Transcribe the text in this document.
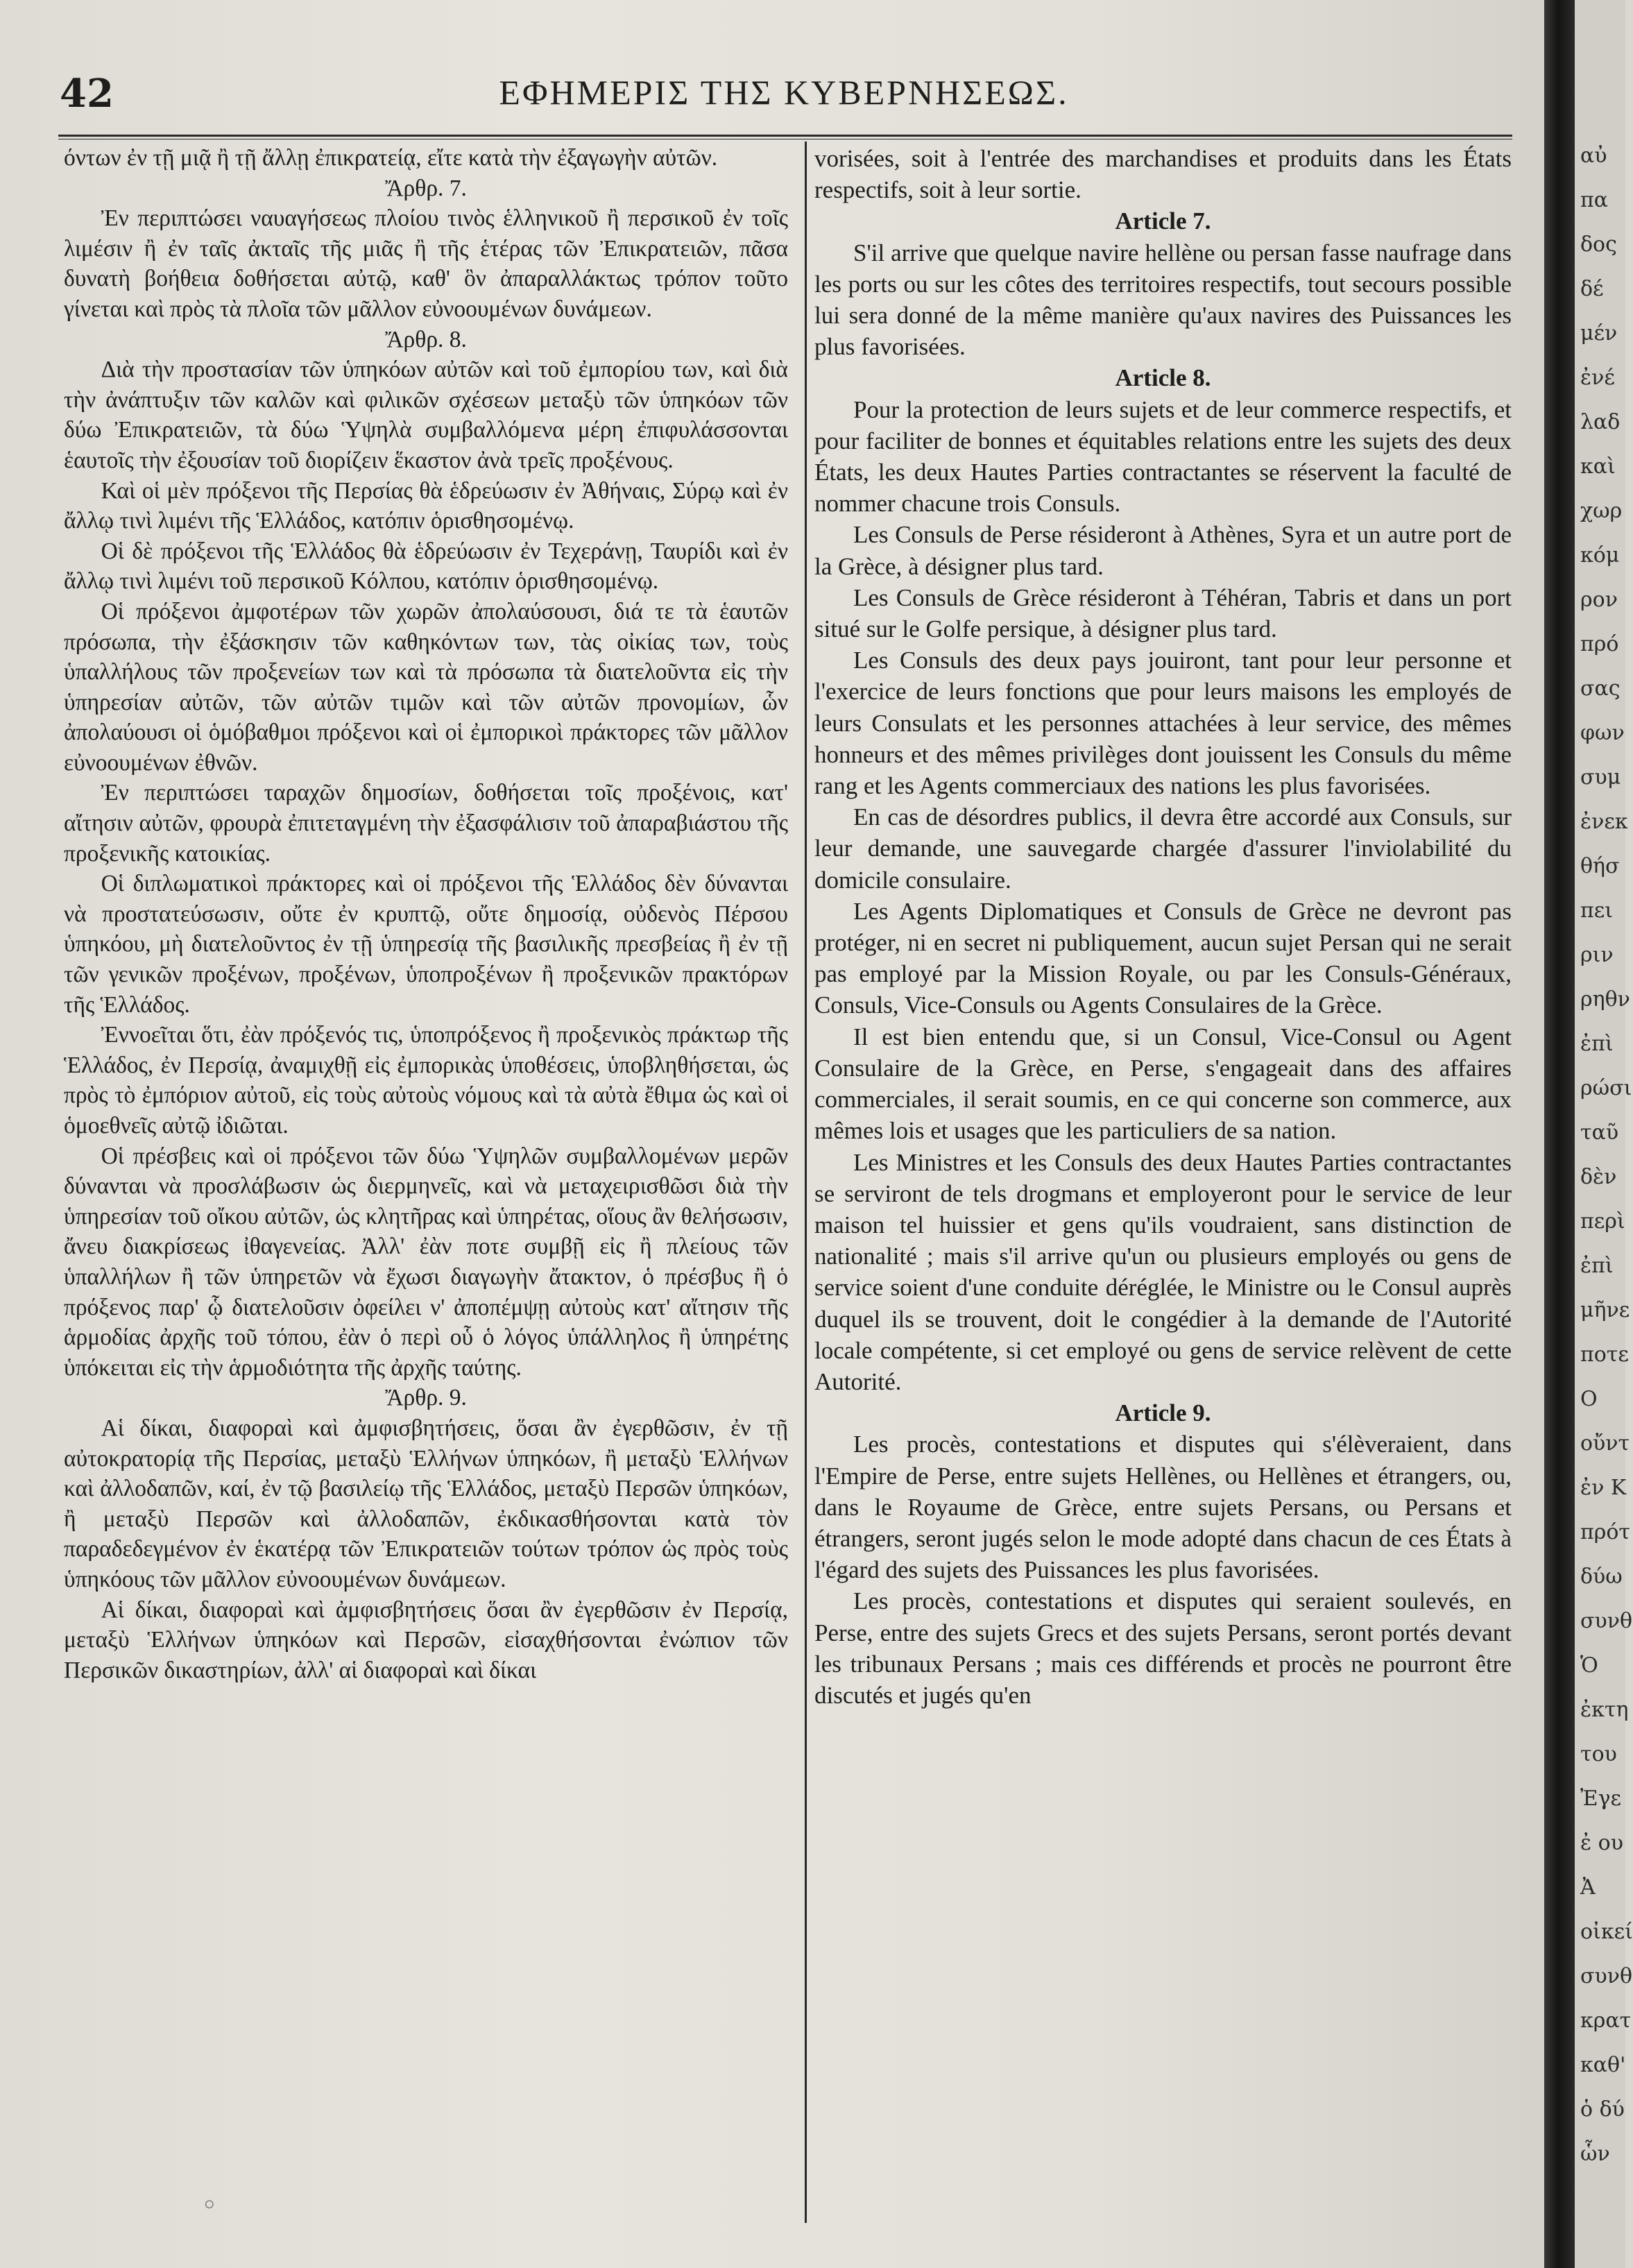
42	ΕΦΗΜΕΡΙΣ ΤΗΣ ΚΥΒΕΡΝΗΣΕΩΣ.

όντων ἐν τῇ μιᾷ ἢ τῇ ἄλλῃ ἐπικρατείᾳ, εἴτε κατὰ τὴν ἐξαγωγὴν αὐτῶν.

Ἄρθρ. 7.

Ἐν περιπτώσει ναυαγήσεως πλοίου τινὸς ἑλληνικοῦ ἢ περσικοῦ ἐν τοῖς λιμέσιν ἢ ἐν ταῖς ἀκταῖς τῆς μιᾶς ἢ τῆς ἑτέρας τῶν Ἐπικρατειῶν, πᾶσα δυνατὴ βοήθεια δοθήσεται αὐτῷ, καθ' ὃν ἀπαραλλάκτως τρόπον τοῦτο γίνεται καὶ πρὸς τὰ πλοῖα τῶν μᾶλλον εὐνοουμένων δυνάμεων.

Ἄρθρ. 8.

Διὰ τὴν προστασίαν τῶν ὑπηκόων αὐτῶν καὶ τοῦ ἐμπορίου των, καὶ διὰ τὴν ἀνάπτυξιν τῶν καλῶν καὶ φιλικῶν σχέσεων μεταξὺ τῶν ὑπηκόων τῶν δύω Ἐπικρατειῶν, τὰ δύω Ὑψηλὰ συμβαλλόμενα μέρη ἐπιφυλάσσονται ἑαυτοῖς τὴν ἐξουσίαν τοῦ διορίζειν ἕκαστον ἀνὰ τρεῖς προξένους.

Καὶ οἱ μὲν πρόξενοι τῆς Περσίας θὰ ἑδρεύωσιν ἐν Ἀθήναις, Σύρῳ καὶ ἐν ἄλλῳ τινὶ λιμένι τῆς Ἑλλάδος, κατόπιν ὁρισθησομένῳ.

Οἱ δὲ πρόξενοι τῆς Ἑλλάδος θὰ ἑδρεύωσιν ἐν Τεχεράνῃ, Ταυρίδι καὶ ἐν ἄλλῳ τινὶ λιμένι τοῦ περσικοῦ Κόλπου, κατόπιν ὁρισθησομένῳ.

Οἱ πρόξενοι ἀμφοτέρων τῶν χωρῶν ἀπολαύσουσι, διά τε τὰ ἑαυτῶν πρόσωπα, τὴν ἐξάσκησιν τῶν καθηκόντων των, τὰς οἰκίας των, τοὺς ὑπαλλήλους τῶν προξενείων των καὶ τὰ πρόσωπα τὰ διατελοῦντα εἰς τὴν ὑπηρεσίαν αὐτῶν, τῶν αὐτῶν τιμῶν καὶ τῶν αὐτῶν προνομίων, ὧν ἀπολαύουσι οἱ ὁμόβαθμοι πρόξενοι καὶ οἱ ἐμπορικοὶ πράκτορες τῶν μᾶλλον εὐνοουμένων ἐθνῶν.

Ἐν περιπτώσει ταραχῶν δημοσίων, δοθήσεται τοῖς προξένοις, κατ' αἴτησιν αὐτῶν, φρουρὰ ἐπιτεταγμένη τὴν ἐξασφάλισιν τοῦ ἀπαραβιάστου τῆς προξενικῆς κατοικίας.

Οἱ διπλωματικοὶ πράκτορες καὶ οἱ πρόξενοι τῆς Ἑλλάδος δὲν δύνανται νὰ προστατεύσωσιν, οὔτε ἐν κρυπτῷ, οὔτε δημοσίᾳ, οὐδενὸς Πέρσου ὑπηκόου, μὴ διατελοῦντος ἐν τῇ ὑπηρεσίᾳ τῆς βασιλικῆς πρεσβείας ἢ ἐν τῇ τῶν γενικῶν προξένων, προξένων, ὑποπροξένων ἢ προξενικῶν πρακτόρων τῆς Ἑλλάδος.

Ἐννοεῖται ὅτι, ἐὰν πρόξενός τις, ὑποπρόξενος ἢ προξενικὸς πράκτωρ τῆς Ἑλλάδος, ἐν Περσίᾳ, ἀναμιχθῇ εἰς ἐμπορικὰς ὑποθέσεις, ὑποβληθήσεται, ὡς πρὸς τὸ ἐμπόριον αὐτοῦ, εἰς τοὺς αὐτοὺς νόμους καὶ τὰ αὐτὰ ἔθιμα ὡς καὶ οἱ ὁμοεθνεῖς αὐτῷ ἰδιῶται.

Οἱ πρέσβεις καὶ οἱ πρόξενοι τῶν δύω Ὑψηλῶν συμβαλλομένων μερῶν δύνανται νὰ προσλάβωσιν ὡς διερμηνεῖς, καὶ νὰ μεταχειρισθῶσι διὰ τὴν ὑπηρεσίαν τοῦ οἴκου αὐτῶν, ὡς κλητῆρας καὶ ὑπηρέτας, οἵους ἂν θελήσωσιν, ἄνευ διακρίσεως ἰθαγενείας. Ἀλλ' ἐὰν ποτε συμβῇ εἰς ἢ πλείους τῶν ὑπαλλήλων ἢ τῶν ὑπηρετῶν νὰ ἔχωσι διαγωγὴν ἄτακτον, ὁ πρέσβυς ἢ ὁ πρόξενος παρ' ᾧ διατελοῦσιν ὀφείλει ν' ἀποπέμψῃ αὐτοὺς κατ' αἴτησιν τῆς ἁρμοδίας ἀρχῆς τοῦ τόπου, ἐὰν ὁ περὶ οὗ ὁ λόγος ὑπάλληλος ἢ ὑπηρέτης ὑπόκειται εἰς τὴν ἁρμοδιότητα τῆς ἀρχῆς ταύτης.

Ἄρθρ. 9.

Αἱ δίκαι, διαφοραὶ καὶ ἀμφισβητήσεις, ὅσαι ἂν ἐγερθῶσιν, ἐν τῇ αὐτοκρατορίᾳ τῆς Περσίας, μεταξὺ Ἑλλήνων ὑπηκόων, ἢ μεταξὺ Ἑλλήνων καὶ ἀλλοδαπῶν, καί, ἐν τῷ βασιλείῳ τῆς Ἑλλάδος, μεταξὺ Περσῶν ὑπηκόων, ἢ μεταξὺ Περσῶν καὶ ἀλλοδαπῶν, ἐκδικασθήσονται κατὰ τὸν παραδεδεγμένον ἐν ἑκατέρᾳ τῶν Ἐπικρατειῶν τούτων τρόπον ὡς πρὸς τοὺς ὑπηκόους τῶν μᾶλλον εὐνοουμένων δυνάμεων.

Αἱ δίκαι, διαφοραὶ καὶ ἀμφισβητήσεις ὅσαι ἂν ἐγερθῶσιν ἐν Περσίᾳ, μεταξὺ Ἑλλήνων ὑπηκόων καὶ Περσῶν, εἰσαχθήσονται ἐνώπιον τῶν Περσικῶν δικαστηρίων, ἀλλ' αἱ διαφοραὶ καὶ δίκαι

vorisées, soit à l'entrée des marchandises et produits dans les États respectifs, soit à leur sortie.

Article 7.

S'il arrive que quelque navire hellène ou persan fasse naufrage dans les ports ou sur les côtes des territoires respectifs, tout secours possible lui sera donné de la même manière qu'aux navires des Puissances les plus favorisées.

Article 8.

Pour la protection de leurs sujets et de leur commerce respectifs, et pour faciliter de bonnes et équitables relations entre les sujets des deux États, les deux Hautes Parties contractantes se réservent la faculté de nommer chacune trois Consuls.

Les Consuls de Perse résideront à Athènes, Syra et un autre port de la Grèce, à désigner plus tard.

Les Consuls de Grèce résideront à Téhéran, Tabris et dans un port situé sur le Golfe persique, à désigner plus tard.

Les Consuls des deux pays jouiront, tant pour leur personne et l'exercice de leurs fonctions que pour leurs maisons les employés de leurs Consulats et les personnes attachées à leur service, des mêmes honneurs et des mêmes privilèges dont jouissent les Consuls du même rang et les Agents commerciaux des nations les plus favorisées.

En cas de désordres publics, il devra être accordé aux Consuls, sur leur demande, une sauvegarde chargée d'assurer l'inviolabilité du domicile consulaire.

Les Agents Diplomatiques et Consuls de Grèce ne devront pas protéger, ni en secret ni publiquement, aucun sujet Persan qui ne serait pas employé par la Mission Royale, ou par les Consuls-Généraux, Consuls, Vice-Consuls ou Agents Consulaires de la Grèce.

Il est bien entendu que, si un Consul, Vice-Consul ou Agent Consulaire de la Grèce, en Perse, s'engageait dans des affaires commerciales, il serait soumis, en ce qui concerne son commerce, aux mêmes lois et usages que les particuliers de sa nation.

Les Ministres et les Consuls des deux Hautes Parties contractantes se serviront de tels drogmans et employeront pour le service de leur maison tel huissier et gens qu'ils voudraient, sans distinction de nationalité ; mais s'il arrive qu'un ou plusieurs employés ou gens de service soient d'une conduite déréglée, le Ministre ou le Consul auprès duquel ils se trouvent, doit le congédier à la demande de l'Autorité locale compétente, si cet employé ou gens de service relèvent de cette Autorité.

Article 9.

Les procès, contestations et disputes qui s'élèveraient, dans l'Empire de Perse, entre sujets Hellènes, ou Hellènes et étrangers, ou, dans le Royaume de Grèce, entre sujets Persans, ou Persans et étrangers, seront jugés selon le mode adopté dans chacun de ces États à l'égard des sujets des Puissances les plus favorisées.

Les procès, contestations et disputes qui seraient soulevés, en Perse, entre des sujets Grecs et des sujets Persans, seront portés devant les tribunaux Persans ; mais ces différends et procès ne pourront être discutés et jugés qu'en

◦
αὐ
πα
δος
δέ
μέν
ἐνέ
λαδ
καὶ
χωρ
κόμ
ρον
πρό
σας
φων
συμ
ἐνεκ
θήσ
πει
ριν
ρηθν
ἐπὶ
ρώσι
ταῦ
δὲν
περὶ
ἐπὶ
μῆνε
ποτε
Ο
οὔντ
ἐν Κ
πρότ
δύω
συνθ
Ὁ
ἐκτη
του
Ἐγε
ἐ ου
Ἀ
οἰκεί
συνθ
κρατ
καθ'
ὁ δύ
ὧν
